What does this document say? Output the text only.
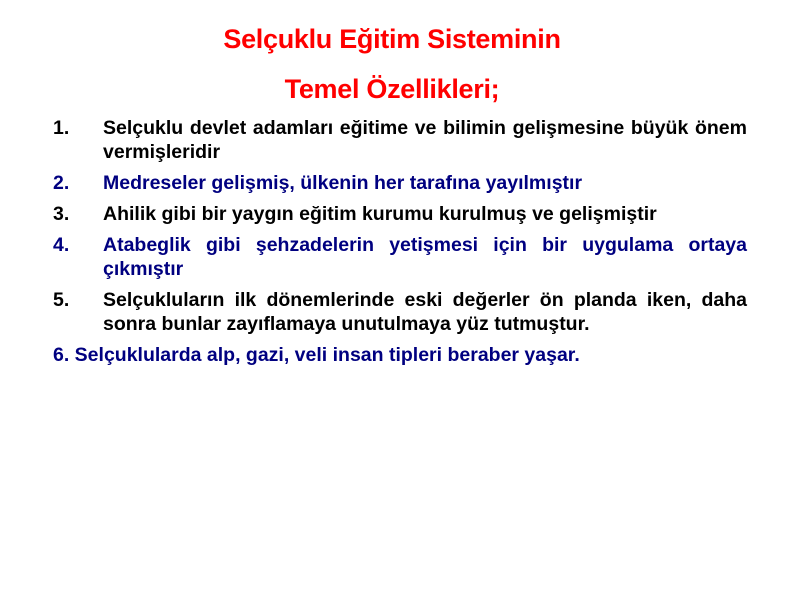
Selçuklu Eğitim Sisteminin
Temel Özellikleri;
1. Selçuklu devlet adamları eğitime ve bilimin gelişmesine büyük önem vermişleridir
2. Medreseler gelişmiş, ülkenin her tarafına yayılmıştır
3. Ahilik gibi bir yaygın eğitim kurumu kurulmuş ve gelişmiştir
4. Atabeglik gibi şehzadelerin yetişmesi için bir uygulama ortaya çıkmıştır
5. Selçukluların ilk dönemlerinde eski değerler ön planda iken, daha sonra bunlar zayıflamaya unutulmaya yüz tutmuştur.
6. Selçuklularda alp, gazi, veli insan tipleri beraber yaşar.
